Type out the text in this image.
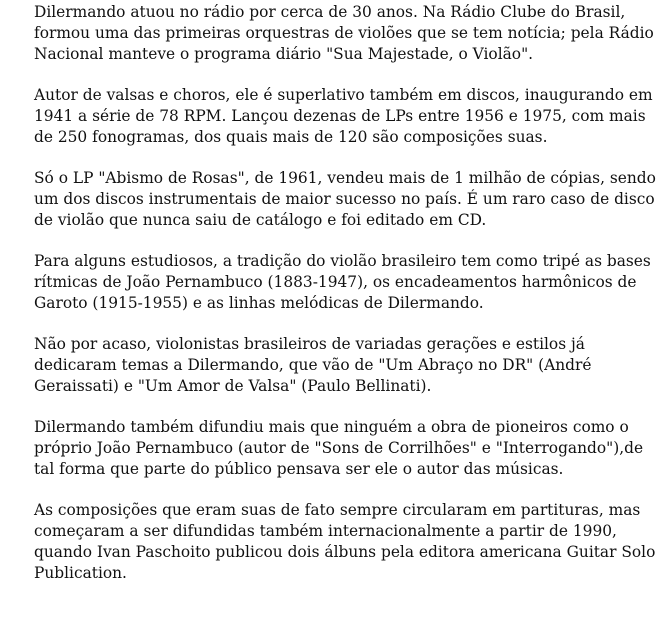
Dilermando atuou no rádio por cerca de 30 anos. Na Rádio Clube do Brasil, formou uma das primeiras orquestras de violões que se tem notícia; pela Rádio Nacional manteve o programa diário "Sua Majestade, o Violão".

Autor de valsas e choros, ele é superlativo também em discos, inaugurando em 1941 a série de 78 RPM. Lançou dezenas de LPs entre 1956 e 1975, com mais de 250 fonogramas, dos quais mais de 120 são composições suas.

Só o LP "Abismo de Rosas", de 1961, vendeu mais de 1 milhão de cópias, sendo um dos discos instrumentais de maior sucesso no país. É um raro caso de disco de violão que nunca saiu de catálogo e foi editado em CD.

Para alguns estudiosos, a tradição do violão brasileiro tem como tripé as bases rítmicas de João Pernambuco (1883-1947), os encadeamentos harmônicos de Garoto (1915-1955) e as linhas melódicas de Dilermando.

Não por acaso, violonistas brasileiros de variadas gerações e estilos já dedicaram temas a Dilermando, que vão de "Um Abraço no DR" (André Geraissati) e "Um Amor de Valsa" (Paulo Bellinati).

Dilermando também difundiu mais que ninguém a obra de pioneiros como o próprio João Pernambuco (autor de "Sons de Corrilhões" e "Interrogando"),de tal forma que parte do público pensava ser ele o autor das músicas.

As composições que eram suas de fato sempre circularam em partituras, mas começaram a ser difundidas também internacionalmente a partir de 1990, quando Ivan Paschoito publicou dois álbuns pela editora americana Guitar Solo Publication.
